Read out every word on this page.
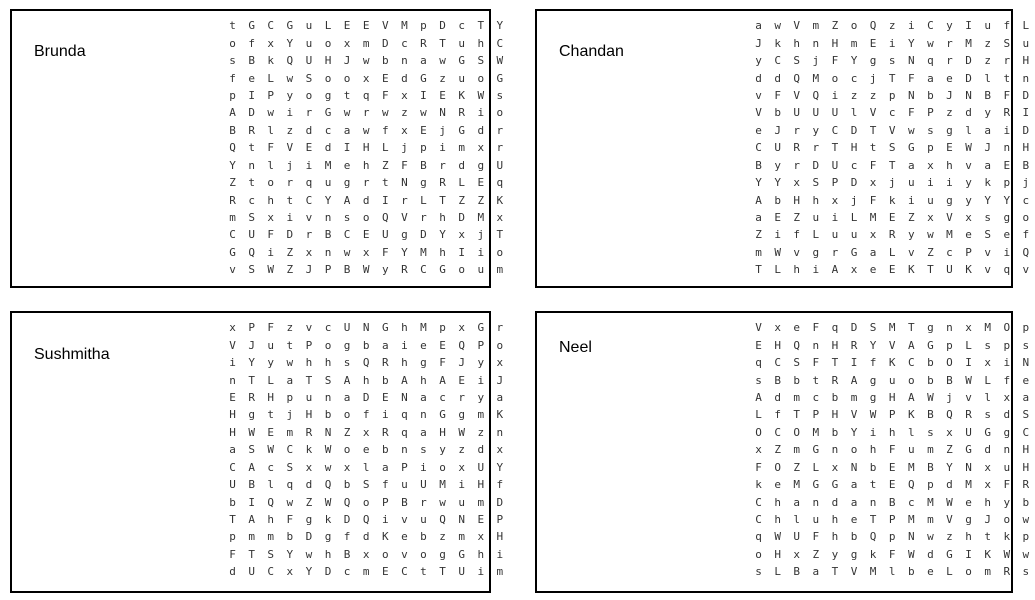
Brunda
t	G	C	G	u	L	E	E	V	M	p	D	c	T	Y
o	f	x	Y	u	o	x	m	D	c	R	T	u	h	C
s	B	k	Q	U	H	J	w	b	n	a	w	G	S	W
f	e	L	w	S	o	o	x	E	d	G	z	u	o	G
p	I	P	y	o	g	t	q	F	x	I	E	K	W	s
A	D	w	i	r	G	w	r	w	z	w	N	R	i	o
B	R	l	z	d	c	a	w	f	x	E	j	G	d	r
Q	t	F	V	E	d	I	H	L	j	p	i	m	x	r
Y	n	l	j	i	M	e	h	Z	F	B	r	d	g	U
Z	t	o	r	q	u	g	r	t	N	g	R	L	E	q
R	c	h	t	C	Y	A	d	I	r	L	T	Z	Z	K
m	S	x	i	v	n	s	o	Q	V	r	h	D	M	x
C	U	F	D	r	B	C	E	U	g	D	Y	x	j	T
G	Q	i	Z	x	n	w	x	F	Y	M	h	I	i	o
v	S	W	Z	J	P	B	W	y	R	C	G	o	u	m
Chandan
a	w	V	m	Z	o	Q	z	i	C	y	I	u	f	L
J	k	h	n	H	m	E	i	Y	w	r	M	z	S	u
y	C	S	j	F	Y	g	s	N	q	r	D	z	r	H
d	d	Q	M	o	c	j	T	F	a	e	D	l	t	n
v	F	V	Q	i	z	z	p	N	b	J	N	B	F	D
V	b	U	U	U	l	V	c	F	P	z	d	y	R	I
e	J	r	y	C	D	T	V	w	s	g	l	a	i	D
C	U	R	r	T	H	t	S	G	p	E	W	J	n	H
B	y	r	D	U	c	F	T	a	x	h	v	a	E	B
Y	Y	x	S	P	D	x	j	u	i	i	y	k	p	j
A	b	H	h	x	j	F	k	i	u	g	y	Y	Y	c
a	E	Z	u	i	L	M	E	Z	x	V	x	s	g	o
Z	i	f	L	u	u	x	R	y	w	M	e	S	e	f
m	W	v	g	r	G	a	L	v	Z	c	P	v	i	Q
T	L	h	i	A	x	e	E	K	T	U	K	v	q	v
Sushmitha
x	P	F	z	v	c	U	N	G	h	M	p	x	G	r
V	J	u	t	P	o	g	b	a	i	e	E	Q	P	o
i	Y	y	w	h	h	s	Q	R	h	g	F	J	y	x
n	T	L	a	T	S	A	h	b	A	h	A	E	i	J
E	R	H	p	u	n	a	D	E	N	a	c	r	y	a
H	g	t	j	H	b	o	f	i	q	n	G	g	m	K
H	W	E	m	R	N	Z	x	R	q	a	H	W	z	n
a	S	W	C	k	W	o	e	b	n	s	y	z	d	x
C	A	c	S	x	w	x	l	a	P	i	o	x	U	Y
U	B	l	q	d	Q	b	S	f	u	U	M	i	H	f
b	I	Q	w	Z	W	Q	o	P	B	r	w	u	m	D
T	A	h	F	g	k	D	Q	i	v	u	Q	N	E	P
p	m	m	b	D	g	f	d	K	e	b	z	m	x	H
F	T	S	Y	w	h	B	x	o	v	o	g	G	h	i
d	U	C	x	Y	D	c	m	E	C	t	T	U	i	m
Neel
V	x	e	F	q	D	S	M	T	g	n	x	M	O	p
E	H	Q	n	H	R	Y	V	A	G	p	L	s	p	s
q	C	S	F	T	I	f	K	C	b	O	I	x	i	N
s	B	b	t	R	A	g	u	o	b	B	W	L	f	e
A	d	m	c	b	m	g	H	A	W	j	v	l	x	a
L	f	T	P	H	V	W	P	K	B	Q	R	s	d	S
O	C	O	M	b	Y	i	h	l	s	x	U	G	g	C
x	Z	m	G	n	o	h	F	u	m	Z	G	d	n	H
F	O	Z	L	x	N	b	E	M	B	Y	N	x	u	H
k	e	M	G	G	a	t	E	Q	p	d	M	x	F	R
C	h	a	n	d	a	n	B	c	M	W	e	h	y	b
C	h	l	u	h	e	T	P	M	m	V	g	J	o	w
q	W	U	F	h	b	Q	p	N	w	z	h	t	k	p
o	H	x	Z	y	g	k	F	W	d	G	I	K	W	w
s	L	B	a	T	V	M	l	b	e	L	o	m	R	s
